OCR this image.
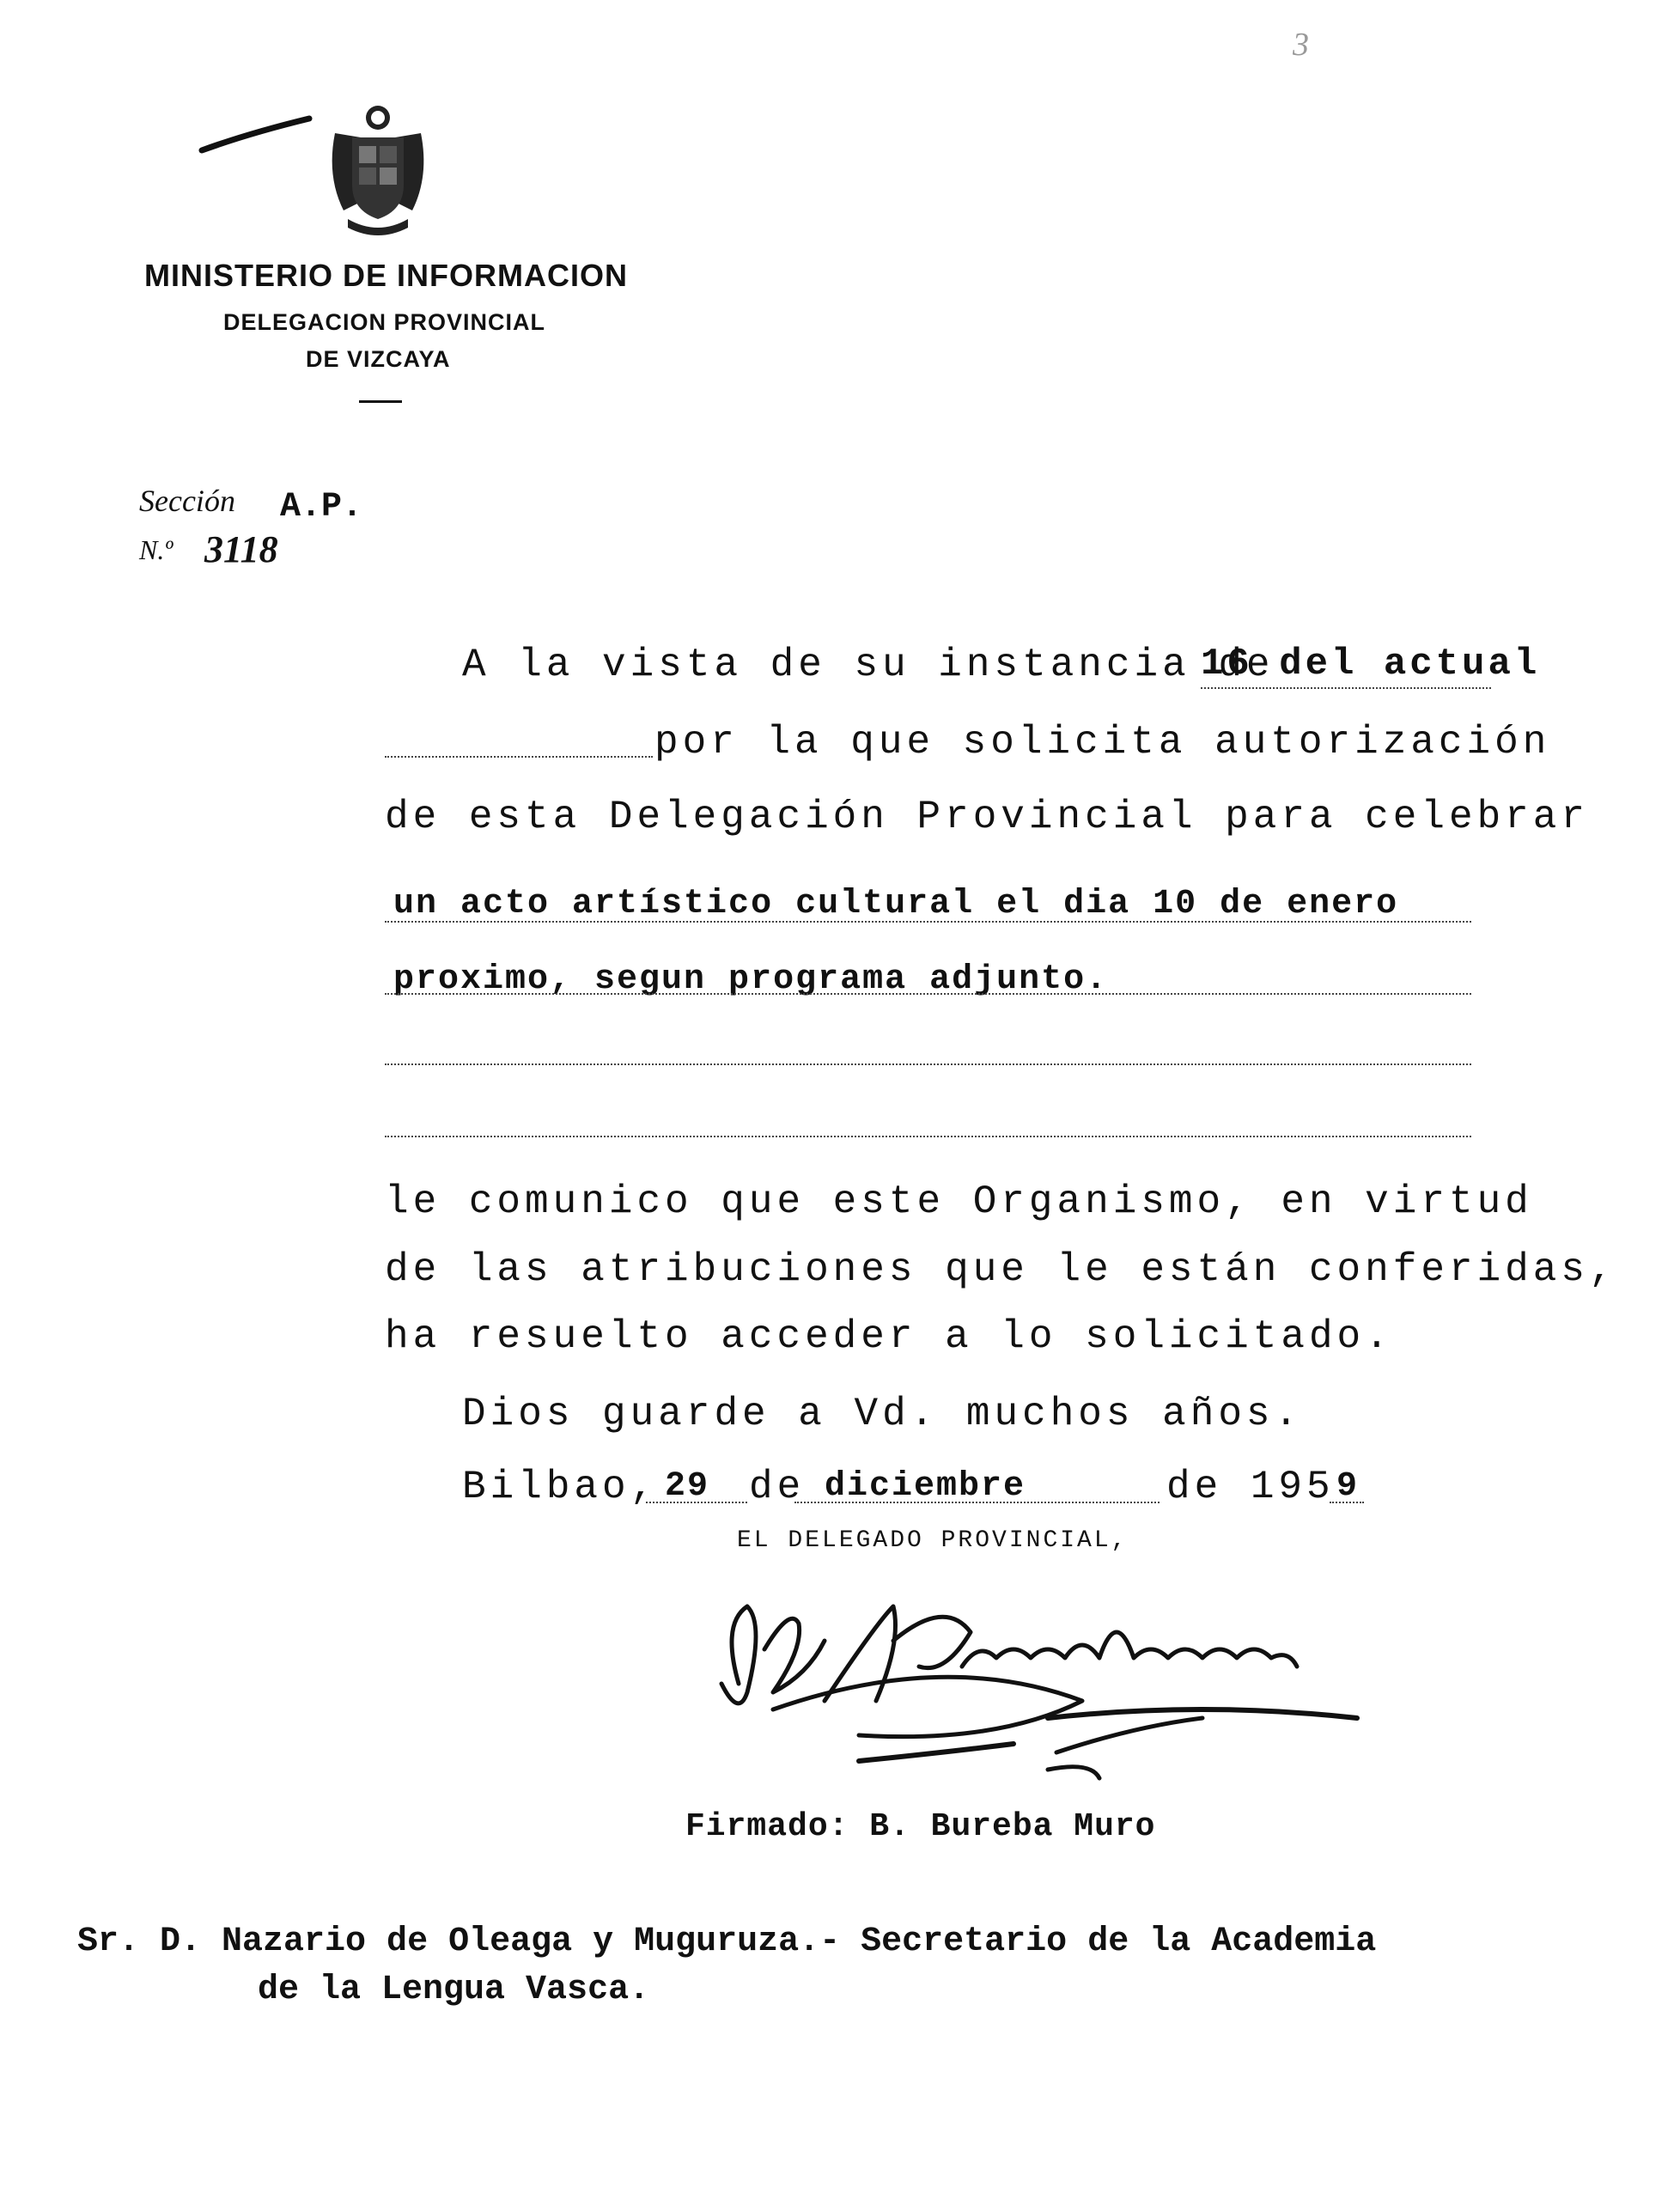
3
MINISTERIO DE INFORMACION
DELEGACION PROVINCIAL
DE VIZCAYA
Sección A.P.
N.º 3118
A la vista de su instancia de
16 del actual
por la que solicita autorización
de esta Delegación Provincial para celebrar
un acto artístico cultural el dia 10 de enero
proximo, segun programa adjunto.
le comunico que este Organismo, en virtud
de las atribuciones que le están conferidas,
ha resuelto acceder a lo solicitado.
Dios guarde a Vd. muchos años.
Bilbao, 29 de diciembre	de 195 9
EL DELEGADO PROVINCIAL,
Firmado: B. Bureba Muro
Sr. D. Nazario de Oleaga y Muguruza.- Secretario de la Academia
de la Lengua Vasca.
